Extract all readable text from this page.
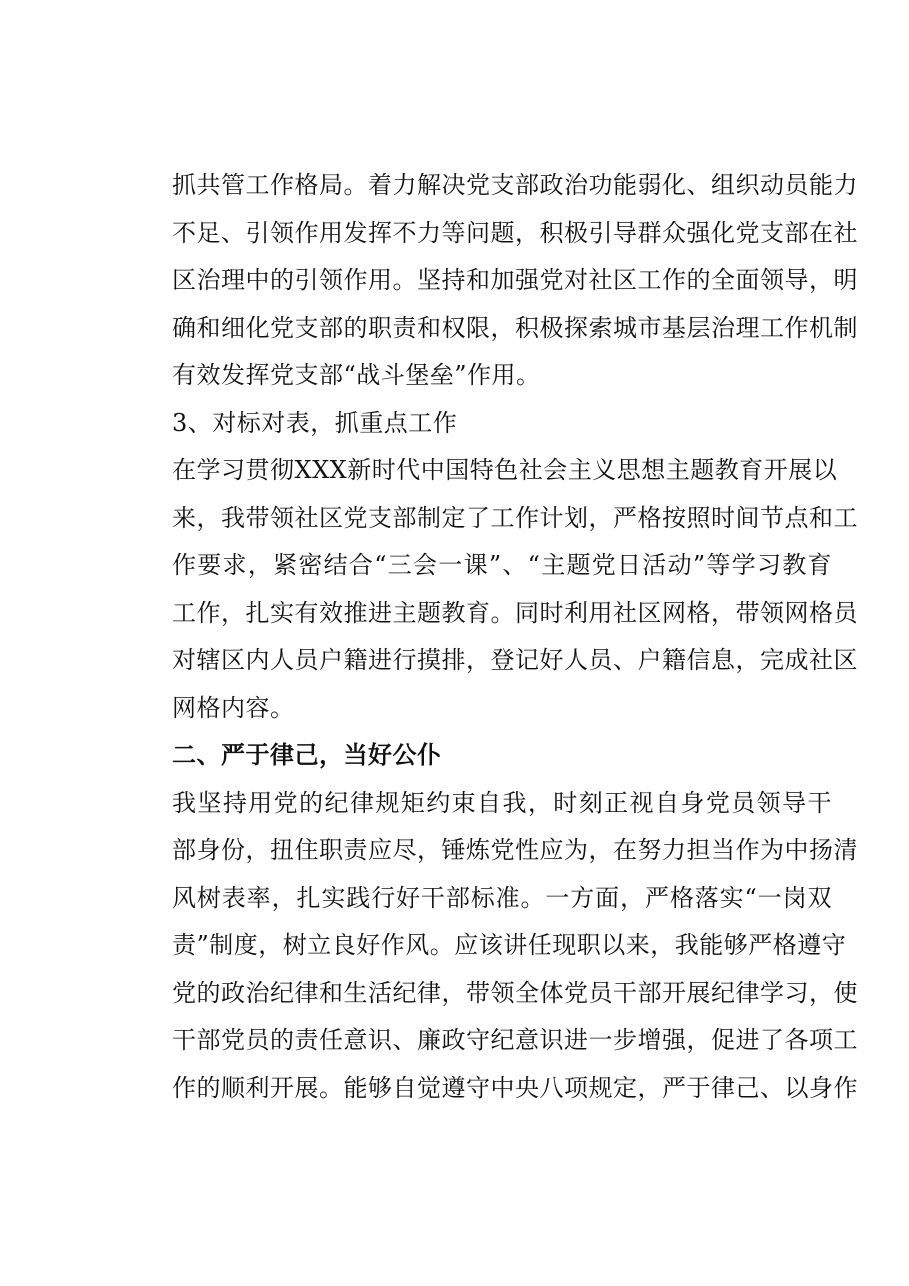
抓共管工作格局。着力解决党支部政治功能弱化、组织动员能力
不足、引领作用发挥不力等问题，积极引导群众强化党支部在社
区治理中的引领作用。坚持和加强党对社区工作的全面领导，明
确和细化党支部的职责和权限，积极探索城市基层治理工作机制
有效发挥党支部“战斗堡垒”作用。
3、对标对表，抓重点工作
在学习贯彻XXX新时代中国特色社会主义思想主题教育开展以
来，我带领社区党支部制定了工作计划，严格按照时间节点和工
作要求，紧密结合“三会一课”、“主题党日活动”等学习教育
工作，扎实有效推进主题教育。同时利用社区网格，带领网格员
对辖区内人员户籍进行摸排，登记好人员、户籍信息，完成社区
网格内容。
二、严于律己，当好公仆
我坚持用党的纪律规矩约束自我，时刻正视自身党员领导干
部身份，扭住职责应尽，锤炼党性应为，在努力担当作为中扬清
风树表率，扎实践行好干部标准。一方面，严格落实“一岗双
责”制度，树立良好作风。应该讲任现职以来，我能够严格遵守
党的政治纪律和生活纪律，带领全体党员干部开展纪律学习，使
干部党员的责任意识、廉政守纪意识进一步增强，促进了各项工
作的顺利开展。能够自觉遵守中央八项规定，严于律己、以身作
